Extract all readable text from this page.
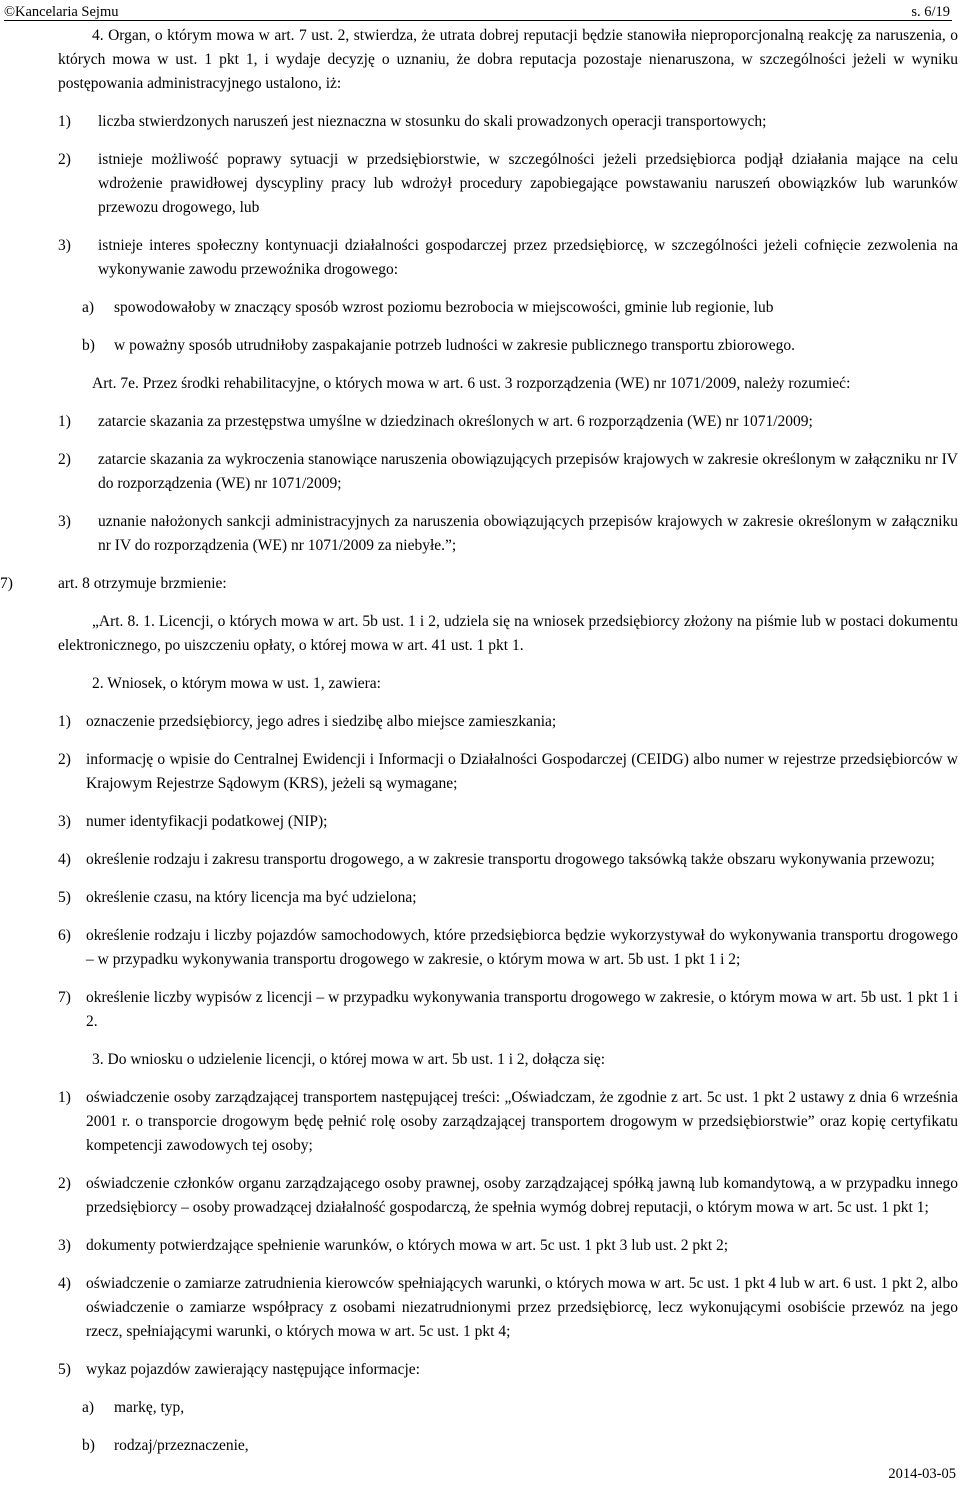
©Kancelaria Sejmu	s. 6/19

4. Organ, o którym mowa w art. 7 ust. 2, stwierdza, że utrata dobrej reputacji będzie stanowiła nieproporcjonalną reakcję za naruszenia, o których mowa w ust. 1 pkt 1, i wydaje decyzję o uznaniu, że dobra reputacja pozostaje nienaruszona, w szczególności jeżeli w wyniku postępowania administracyjnego ustalono, iż:

1)	liczba stwierdzonych naruszeń jest nieznaczna w stosunku do skali prowadzonych operacji transportowych;
2)	istnieje możliwość poprawy sytuacji w przedsiębiorstwie, w szczególności jeżeli przedsiębiorca podjął działania mające na celu wdrożenie prawidłowej dyscypliny pracy lub wdrożył procedury zapobiegające powstawaniu naruszeń obowiązków lub warunków przewozu drogowego, lub
3)	istnieje interes społeczny kontynuacji działalności gospodarczej przez przedsiębiorcę, w szczególności jeżeli cofnięcie zezwolenia na wykonywanie zawodu przewoźnika drogowego:
a)	spowodowałoby w znaczący sposób wzrost poziomu bezrobocia w miejscowości, gminie lub regionie, lub
b)	w poważny sposób utrudniłoby zaspakajanie potrzeb ludności w zakresie publicznego transportu zbiorowego.

Art. 7e. Przez środki rehabilitacyjne, o których mowa w art. 6 ust. 3 rozporządzenia (WE) nr 1071/2009, należy rozumieć:

1)	zatarcie skazania za przestępstwa umyślne w dziedzinach określonych w art. 6 rozporządzenia (WE) nr 1071/2009;
2)	zatarcie skazania za wykroczenia stanowiące naruszenia obowiązujących przepisów krajowych w zakresie określonym w załączniku nr IV do rozporządzenia (WE) nr 1071/2009;
3)	uznanie nałożonych sankcji administracyjnych za naruszenia obowiązujących przepisów krajowych w zakresie określonym w załączniku nr IV do rozporządzenia (WE) nr 1071/2009 za niebyłe.”;
7)	art. 8 otrzymuje brzmienie:

„Art. 8. 1. Licencji, o których mowa w art. 5b ust. 1 i 2, udziela się na wniosek przedsiębiorcy złożony na piśmie lub w postaci dokumentu elektronicznego, po uiszczeniu opłaty, o której mowa w art. 41 ust. 1 pkt 1.

2. Wniosek, o którym mowa w ust. 1, zawiera:

1) oznaczenie przedsiębiorcy, jego adres i siedzibę albo miejsce zamieszkania;
2) informację o wpisie do Centralnej Ewidencji i Informacji o Działalności Gospodarczej (CEIDG) albo numer w rejestrze przedsiębiorców w Krajowym Rejestrze Sądowym (KRS), jeżeli są wymagane;
3) numer identyfikacji podatkowej (NIP);
4) określenie rodzaju i zakresu transportu drogowego, a w zakresie transportu drogowego taksówką także obszaru wykonywania przewozu;
5) określenie czasu, na który licencja ma być udzielona;
6) określenie rodzaju i liczby pojazdów samochodowych, które przedsiębiorca będzie wykorzystywał do wykonywania transportu drogowego – w przypadku wykonywania transportu drogowego w zakresie, o którym mowa w art. 5b ust. 1 pkt 1 i 2;
7) określenie liczby wypisów z licencji – w przypadku wykonywania transportu drogowego w zakresie, o którym mowa w art. 5b ust. 1 pkt 1 i 2.

3. Do wniosku o udzielenie licencji, o której mowa w art. 5b ust. 1 i 2, dołącza się:

1) oświadczenie osoby zarządzającej transportem następującej treści: „Oświadczam, że zgodnie z art. 5c ust. 1 pkt 2 ustawy z dnia 6 września 2001 r. o transporcie drogowym będę pełnić rolę osoby zarządzającej transportem drogowym w przedsiębiorstwie” oraz kopię certyfikatu kompetencji zawodowych tej osoby;
2) oświadczenie członków organu zarządzającego osoby prawnej, osoby zarządzającej spółką jawną lub komandytową, a w przypadku innego przedsiębiorcy – osoby prowadzącej działalność gospodarczą, że spełnia wymóg dobrej reputacji, o którym mowa w art. 5c ust. 1 pkt 1;
3) dokumenty potwierdzające spełnienie warunków, o których mowa w art. 5c ust. 1 pkt 3 lub ust. 2 pkt 2;
4) oświadczenie o zamiarze zatrudnienia kierowców spełniających warunki, o których mowa w art. 5c ust. 1 pkt 4 lub w art. 6 ust. 1 pkt 2, albo oświadczenie o zamiarze współpracy z osobami niezatrudnionymi przez przedsiębiorcę, lecz wykonującymi osobiście przewóz na jego rzecz, spełniającymi warunki, o których mowa w art. 5c ust. 1 pkt 4;
5) wykaz pojazdów zawierający następujące informacje:
a)	markę, typ,
b)	rodzaj/przeznaczenie,
2014-03-05
